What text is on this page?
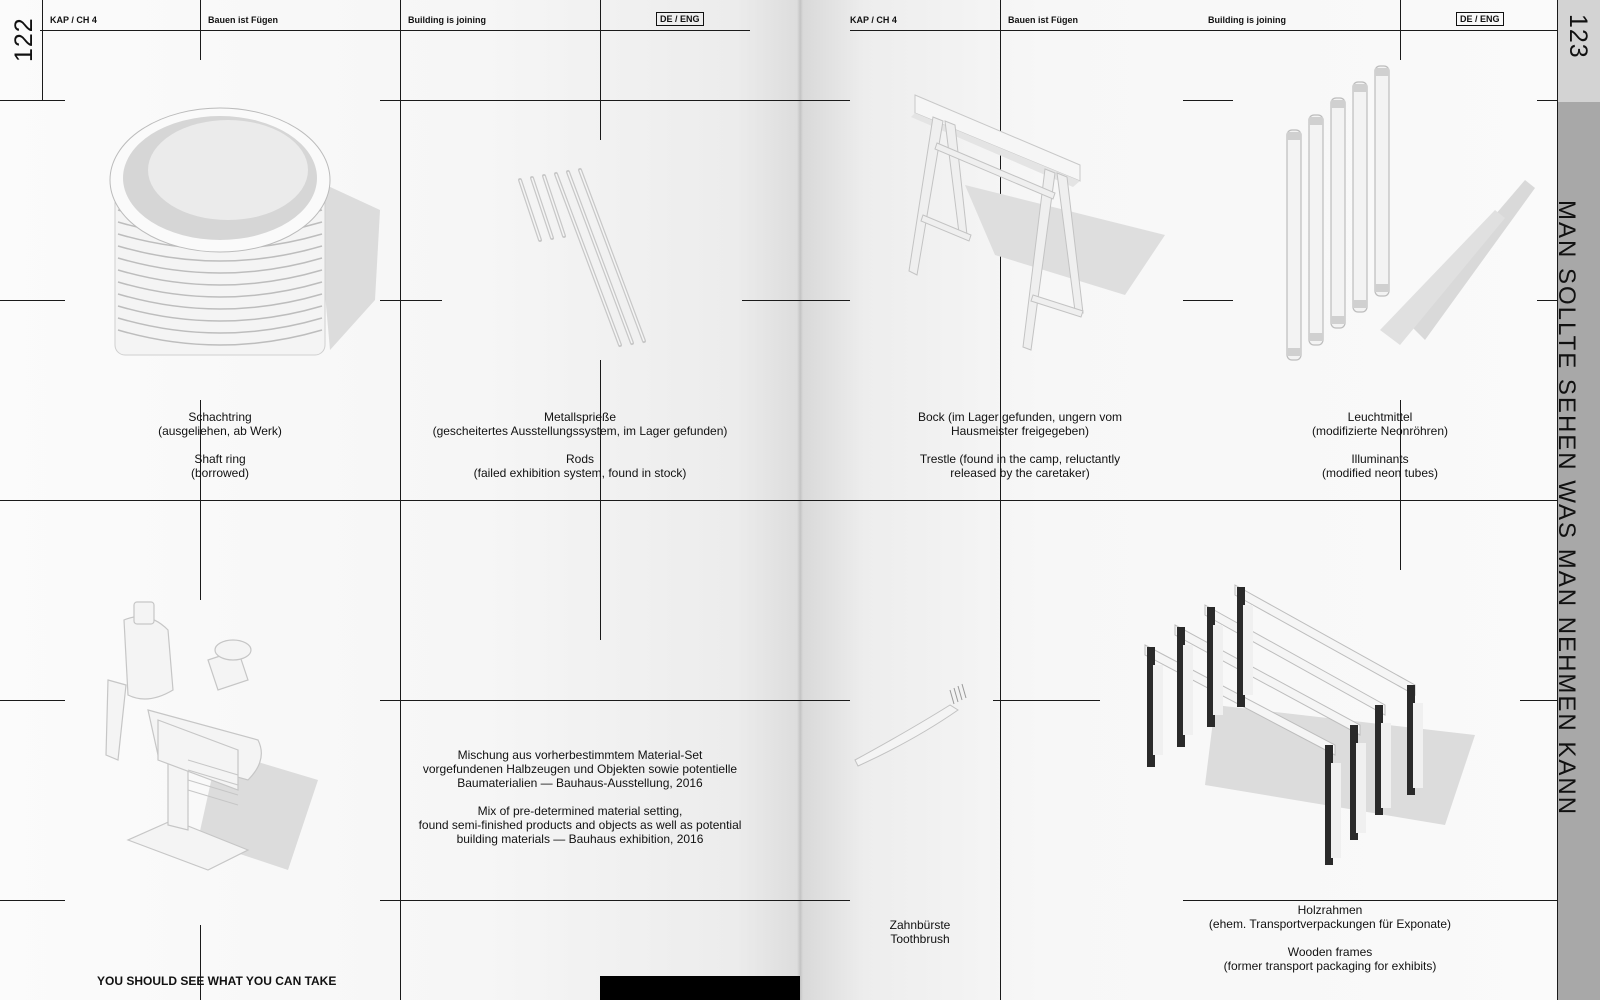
122	123
KAP / CH 4	Bauen ist Fügen	Building is joining	DE / ENG	KAP / CH 4	Bauen ist Fügen	Building is joining	DE / ENG
MAN SOLLTE SEHEN WAS MAN NEHMEN KANN
Schachtring
(ausgeliehen, ab Werk)
Shaft ring
(borrowed)
Metallsprieße
(gescheitertes Ausstellungssystem, im Lager gefunden)
Rods
(failed exhibition system, found in stock)
Bock (im Lager gefunden, ungern vom
Hausmeister freigegeben)
Trestle (found in the camp, reluctantly
released by the caretaker)
Leuchtmittel
(modifizierte Neonröhren)
Illuminants
(modified neon tubes)
Mischung aus vorherbestimmtem Material-Set
vorgefundenen Halbzeugen und Objekten sowie potentielle
Baumaterialien — Bauhaus-Ausstellung, 2016
Mix of pre-determined material setting,
found semi-finished products and objects as well as potential
building materials — Bauhaus exhibition, 2016
Zahnbürste
Toothbrush
Holzrahmen
(ehem. Transportverpackungen für Exponate)
Wooden frames
(former transport packaging for exhibits)
YOU SHOULD SEE WHAT YOU CAN TAKE
